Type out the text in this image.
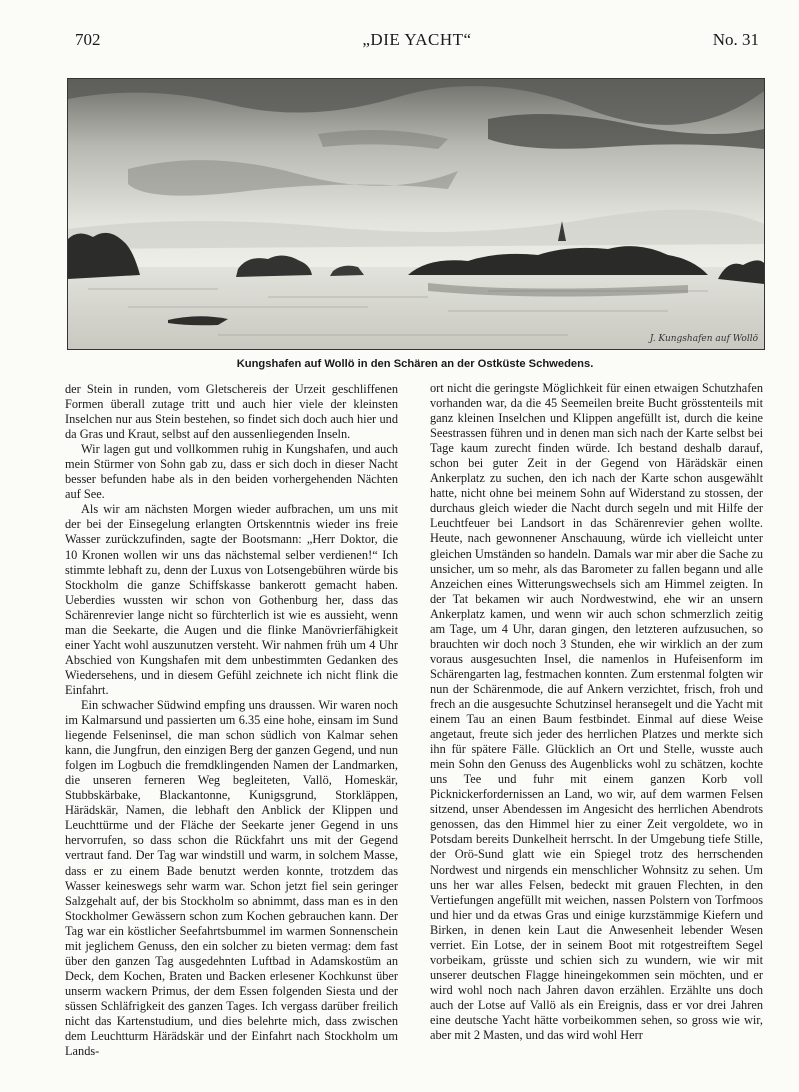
702	„DIE YACHT“	No. 31
J. Kungshafen auf Wollö
Kungshafen auf Wollö in den Schären an der Ostküste Schwedens.

der Stein in runden, vom Gletschereis der Urzeit geschliffenen Formen überall zutage tritt und auch hier viele der kleinsten Inselchen nur aus Stein bestehen, so findet sich doch auch hier und da Gras und Kraut, selbst auf den aussenliegenden Inseln.

Wir lagen gut und vollkommen ruhig in Kungshafen, und auch mein Stürmer von Sohn gab zu, dass er sich doch in dieser Nacht besser befunden habe als in den beiden vorhergehenden Nächten auf See.

Als wir am nächsten Morgen wieder aufbrachen, um uns mit der bei der Einsegelung erlangten Ortskenntnis wieder ins freie Wasser zurückzufinden, sagte der Bootsmann: „Herr Doktor, die 10 Kronen wollen wir uns das nächstemal selber verdienen!“ Ich stimmte lebhaft zu, denn der Luxus von Lotsengebühren würde bis Stockholm die ganze Schiffskasse bankerott gemacht haben. Ueberdies wussten wir schon von Gothenburg her, dass das Schärenrevier lange nicht so fürchterlich ist wie es aussieht, wenn man die Seekarte, die Augen und die flinke Manövrierfähigkeit einer Yacht wohl auszunutzen versteht. Wir nahmen früh um 4 Uhr Abschied von Kungshafen mit dem unbestimmten Gedanken des Wiedersehens, und in diesem Gefühl zeichnete ich nicht flink die Einfahrt.

Ein schwacher Südwind empfing uns draussen. Wir waren noch im Kalmarsund und passierten um 6.35 eine hohe, einsam im Sund liegende Felseninsel, die man schon südlich von Kalmar sehen kann, die Jungfrun, den einzigen Berg der ganzen Gegend, und nun folgen im Logbuch die fremdklingenden Namen der Landmarken, die unseren ferneren Weg begleiteten, Vallö, Homeskär, Stubbskärbake, Blackantonne, Kunigsgrund, Storkläppen, Härädskär, Namen, die lebhaft den Anblick der Klippen und Leuchttürme und der Fläche der Seekarte jener Gegend in uns hervorrufen, so dass schon die Rückfahrt uns mit der Gegend vertraut fand. Der Tag war windstill und warm, in solchem Masse, dass er zu einem Bade benutzt werden konnte, trotzdem das Wasser keineswegs sehr warm war. Schon jetzt fiel sein geringer Salzgehalt auf, der bis Stockholm so abnimmt, dass man es in den Stockholmer Gewässern schon zum Kochen gebrauchen kann. Der Tag war ein köstlicher Seefahrtsbummel im warmen Sonnenschein mit jeglichem Genuss, den ein solcher zu bieten vermag: dem fast über den ganzen Tag ausgedehnten Luftbad in Adamskostüm an Deck, dem Kochen, Braten und Backen erlesener Kochkunst über unserm wackern Primus, der dem Essen folgenden Siesta und der süssen Schläfrigkeit des ganzen Tages. Ich vergass darüber freilich nicht das Kartenstudium, und dies belehrte mich, dass zwischen dem Leuchtturm Härädskär und der Einfahrt nach Stockholm um Lands-

ort nicht die geringste Möglichkeit für einen etwaigen Schutzhafen vorhanden war, da die 45 Seemeilen breite Bucht grösstenteils mit ganz kleinen Inselchen und Klippen angefüllt ist, durch die keine Seestrassen führen und in denen man sich nach der Karte selbst bei Tage kaum zurecht finden würde. Ich bestand deshalb darauf, schon bei guter Zeit in der Gegend von Härädskär einen Ankerplatz zu suchen, den ich nach der Karte schon ausgewählt hatte, nicht ohne bei meinem Sohn auf Widerstand zu stossen, der durchaus gleich wieder die Nacht durch segeln und mit Hilfe der Leuchtfeuer bei Landsort in das Schärenrevier gehen wollte. Heute, nach gewonnener Anschauung, würde ich vielleicht unter gleichen Umständen so handeln. Damals war mir aber die Sache zu unsicher, um so mehr, als das Barometer zu fallen begann und alle Anzeichen eines Witterungswechsels sich am Himmel zeigten. In der Tat bekamen wir auch Nordwestwind, ehe wir an unsern Ankerplatz kamen, und wenn wir auch schon schmerzlich zeitig am Tage, um 4 Uhr, daran gingen, den letzteren aufzusuchen, so brauchten wir doch noch 3 Stunden, ehe wir wirklich an der zum voraus ausgesuchten Insel, die namenlos in Hufeisenform im Schärengarten lag, festmachen konnten. Zum erstenmal folgten wir nun der Schärenmode, die auf Ankern verzichtet, frisch, froh und frech an die ausgesuchte Schutzinsel heransegelt und die Yacht mit einem Tau an einen Baum festbindet. Einmal auf diese Weise angetaut, freute sich jeder des herrlichen Platzes und merkte sich ihn für spätere Fälle. Glücklich an Ort und Stelle, wusste auch mein Sohn den Genuss des Augenblicks wohl zu schätzen, kochte uns Tee und fuhr mit einem ganzen Korb voll Picknickerfordernissen an Land, wo wir, auf dem warmen Felsen sitzend, unser Abendessen im Angesicht des herrlichen Abendrots genossen, das den Himmel hier zu einer Zeit vergoldete, wo in Potsdam bereits Dunkelheit herrscht. In der Umgebung tiefe Stille, der Orö-Sund glatt wie ein Spiegel trotz des herrschenden Nordwest und nirgends ein menschlicher Wohnsitz zu sehen. Um uns her war alles Felsen, bedeckt mit grauen Flechten, in den Vertiefungen angefüllt mit weichen, nassen Polstern von Torfmoos und hier und da etwas Gras und einige kurzstämmige Kiefern und Birken, in denen kein Laut die Anwesenheit lebender Wesen verriet. Ein Lotse, der in seinem Boot mit rotgestreiftem Segel vorbeikam, grüsste und schien sich zu wundern, wie wir mit unserer deutschen Flagge hineingekommen sein möchten, und er wird wohl noch nach Jahren davon erzählen. Erzählte uns doch auch der Lotse auf Vallö als ein Ereignis, dass er vor drei Jahren eine deutsche Yacht hätte vorbeikommen sehen, so gross wie wir, aber mit 2 Masten, und das wird wohl Herr
